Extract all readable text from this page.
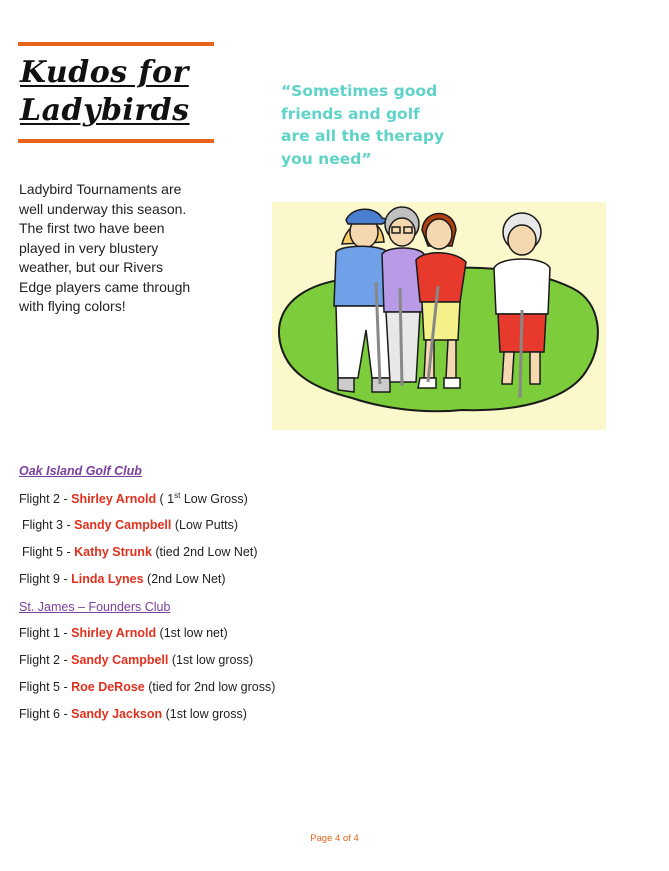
Kudos for
Ladybirds
“Sometimes good
friends and golf
are all the therapy
you need”
Ladybird Tournaments are
well underway this season.
The first two have been
played in very blustery
weather, but our Rivers
Edge players came through
with flying colors!
Oak Island Golf Club
Flight 2 - Shirley Arnold ( 1st Low Gross)
Flight 3 - Sandy Campbell (Low Putts)
Flight 5 - Kathy Strunk (tied 2nd Low Net)
Flight 9 - Linda Lynes (2nd Low Net)
St. James – Founders Club
Flight 1 - Shirley Arnold (1st low net)
Flight 2 - Sandy Campbell (1st low gross)
Flight 5 - Roe DeRose (tied for 2nd low gross)
Flight 6 - Sandy Jackson (1st low gross)
Page 4 of 4
